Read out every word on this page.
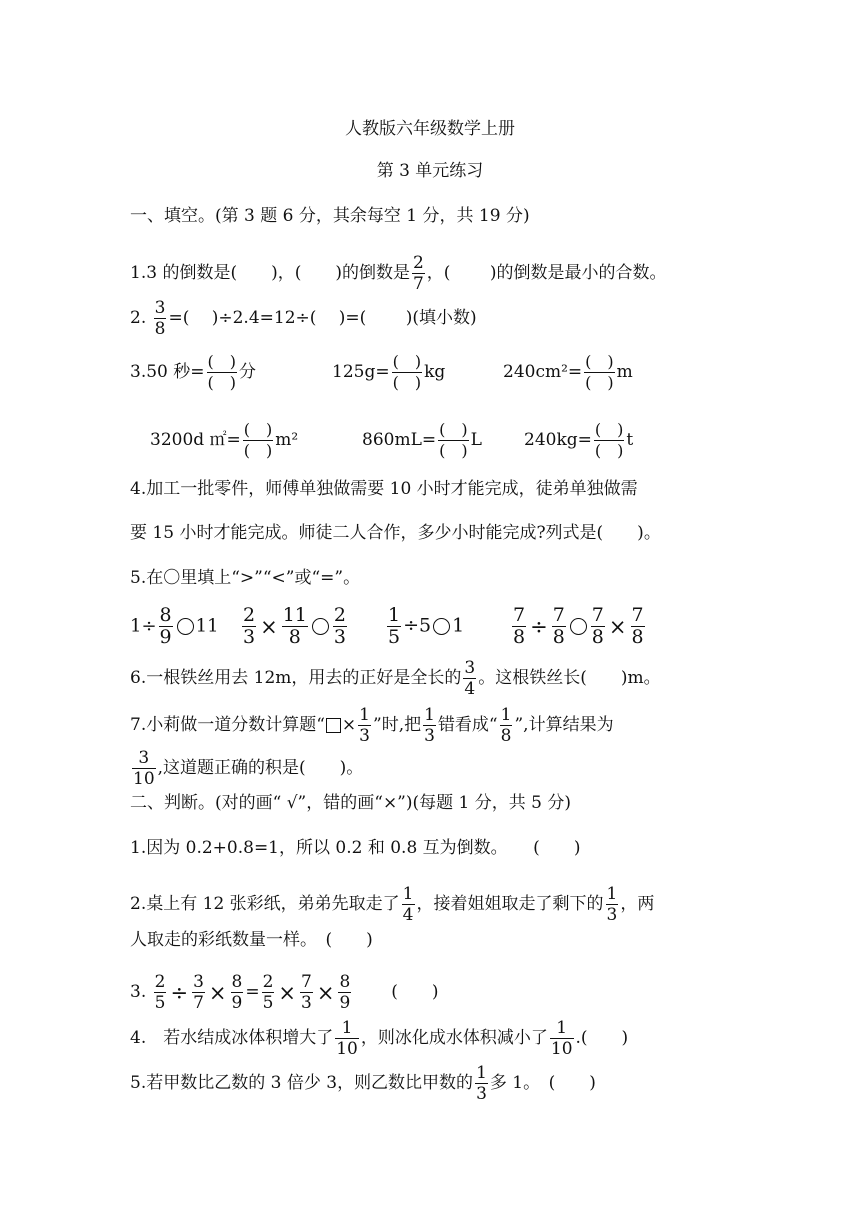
人教版六年级数学上册
第 3 单元练习
一、填空。(第 3 题 6 分，其余每空 1 分，共 19 分)
1.3 的倒数是(　　)，(　　)的倒数是 $\frac{2}{7}$ ，(　　 )的倒数是最小的合数。
2. $\frac{3}{8}$ =(　 )÷2.4=12÷(　 )=(　　 )(填小数)
3.50 秒= $\frac{( )}{( )}$ 分	$125g= \frac{( )}{( )}$ kg	$240cm^2= \frac{( )}{( )}$ m
3200d ㎡= $\frac{( )}{( )} m^2$	$860mL= \frac{( )}{( )}$ L $240kg= \frac{( )}{( )}$ t
4.加工一批零件，师傅单独做需要 10 小时才能完成，徒弟单独做需
要 15 小时才能完成。师徒二人合作，多少小时能完成?列式是(　　)。
5.在〇里填上“>”“<”或“=”。
$1\div \frac{8}{9} 11 \frac{2}{3} \times \frac{11}{8} \frac{2}{3} \frac{1}{5} \div 5$ 1	$\frac{7}{8} \div \frac{7}{8} \frac{7}{8} \times \frac{7}{8}$
6.一根铁丝用去 12m，用去的正好是全长的 $\frac{3}{4}$ 。这根铁丝长(　　)m。
7.小莉做一道分数计算题“ × $\frac{1}{3}$ ”时,把 $\frac{1}{3}$ 错看成“ $\frac{1}{8}$ ”,计算结果为
$\frac{3}{10}$ ,这道题正确的积是(　　)。
二、判断。(对的画“ √”，错的画“×”)(每题 1 分，共 5 分)
1.因为 0.2+0.8=1，所以 0.2 和 0.8 互为倒数。　　(　　)
2.桌上有 12 张彩纸，弟弟先取走了 $\frac{1}{4}$ ，接着姐姐取走了剩下的 $\frac{1}{3}$ ，两
人取走的彩纸数量一样。　(　　)
3. $\frac{2}{5} \div \frac{3}{7} \times \frac{8}{9} = \frac{2}{5} \times \frac{7}{3} \times \frac{8}{9}$ (　　)
4.　若水结成冰体积增大了 $\frac{1}{10}$ ，则冰化成水体积减小了 $\frac{1}{10}$ .(　　)
5.若甲数比乙数的 3 倍少 3，则乙数比甲数的 $\frac{1}{3}$ 多 1。　(　　)
